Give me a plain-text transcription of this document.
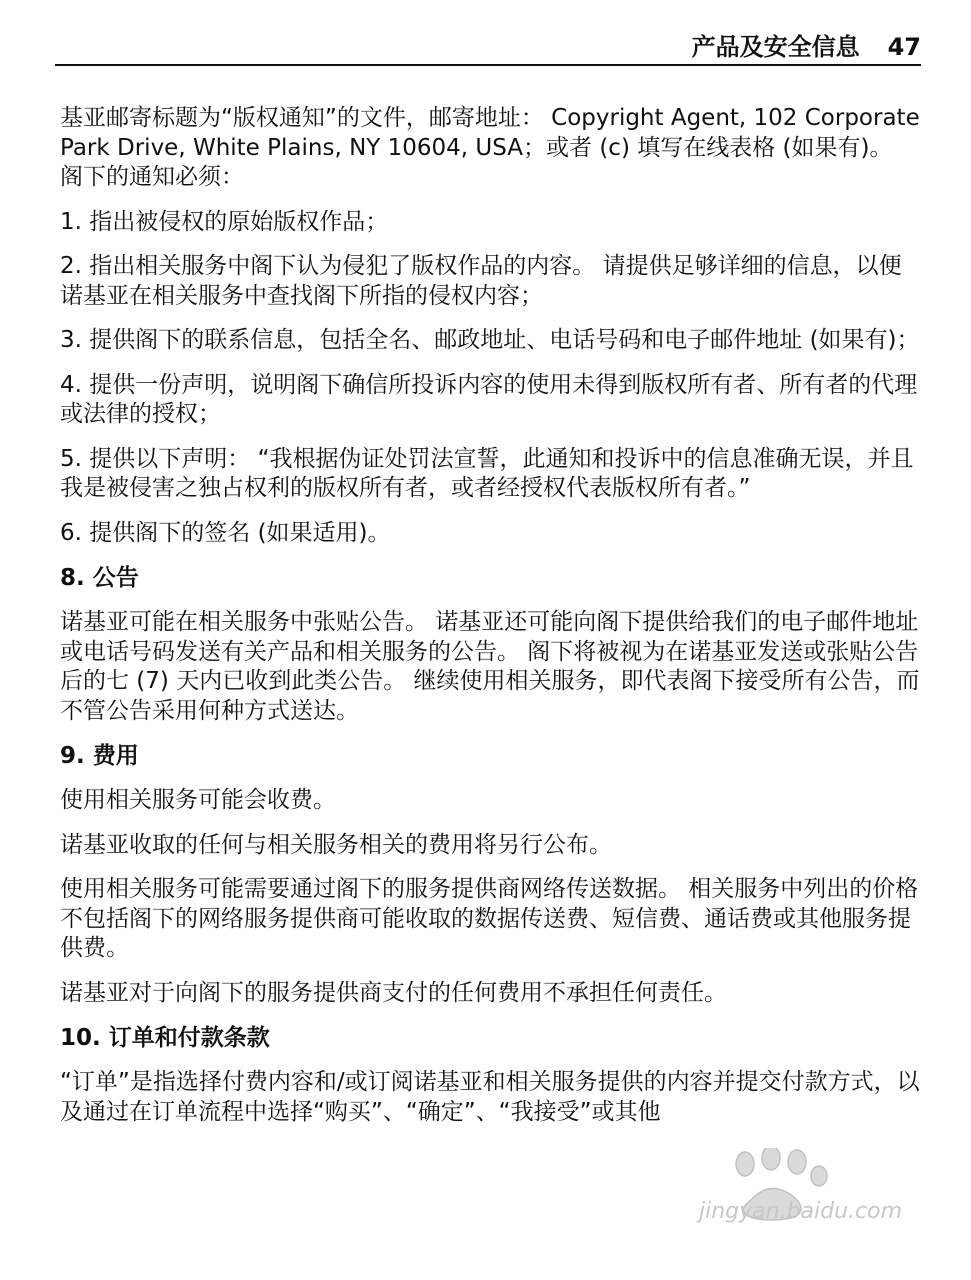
产品及安全信息 47

基亚邮寄标题为“版权通知”的文件，邮寄地址： Copyright Agent, 102 Corporate Park Drive, White Plains, NY 10604, USA；或者 (c) 填写在线表格 (如果有)。 阁下的通知必须：

1. 指出被侵权的原始版权作品；

2. 指出相关服务中阁下认为侵犯了版权作品的内容。 请提供足够详细的信息，以便诺基亚在相关服务中查找阁下所指的侵权内容；

3. 提供阁下的联系信息，包括全名、邮政地址、电话号码和电子邮件地址 (如果有)；

4. 提供一份声明，说明阁下确信所投诉内容的使用未得到版权所有者、所有者的代理或法律的授权；

5. 提供以下声明： “我根据伪证处罚法宣誓，此通知和投诉中的信息准确无误，并且我是被侵害之独占权利的版权所有者，或者经授权代表版权所有者。”

6. 提供阁下的签名 (如果适用)。

8. 公告

诺基亚可能在相关服务中张贴公告。 诺基亚还可能向阁下提供给我们的电子邮件地址或电话号码发送有关产品和相关服务的公告。 阁下将被视为在诺基亚发送或张贴公告后的七 (7) 天内已收到此类公告。 继续使用相关服务，即代表阁下接受所有公告，而不管公告采用何种方式送达。

9. 费用

使用相关服务可能会收费。

诺基亚收取的任何与相关服务相关的费用将另行公布。

使用相关服务可能需要通过阁下的服务提供商网络传送数据。 相关服务中列出的价格不包括阁下的网络服务提供商可能收取的数据传送费、短信费、通话费或其他服务提供费。

诺基亚对于向阁下的服务提供商支付的任何费用不承担任何责任。

10. 订单和付款条款

“订单”是指选择付费内容和/或订阅诺基亚和相关服务提供的内容并提交付款方式，以及通过在订单流程中选择“购买”、“确定”、“我接受”或其他

jingyan.baidu.com
